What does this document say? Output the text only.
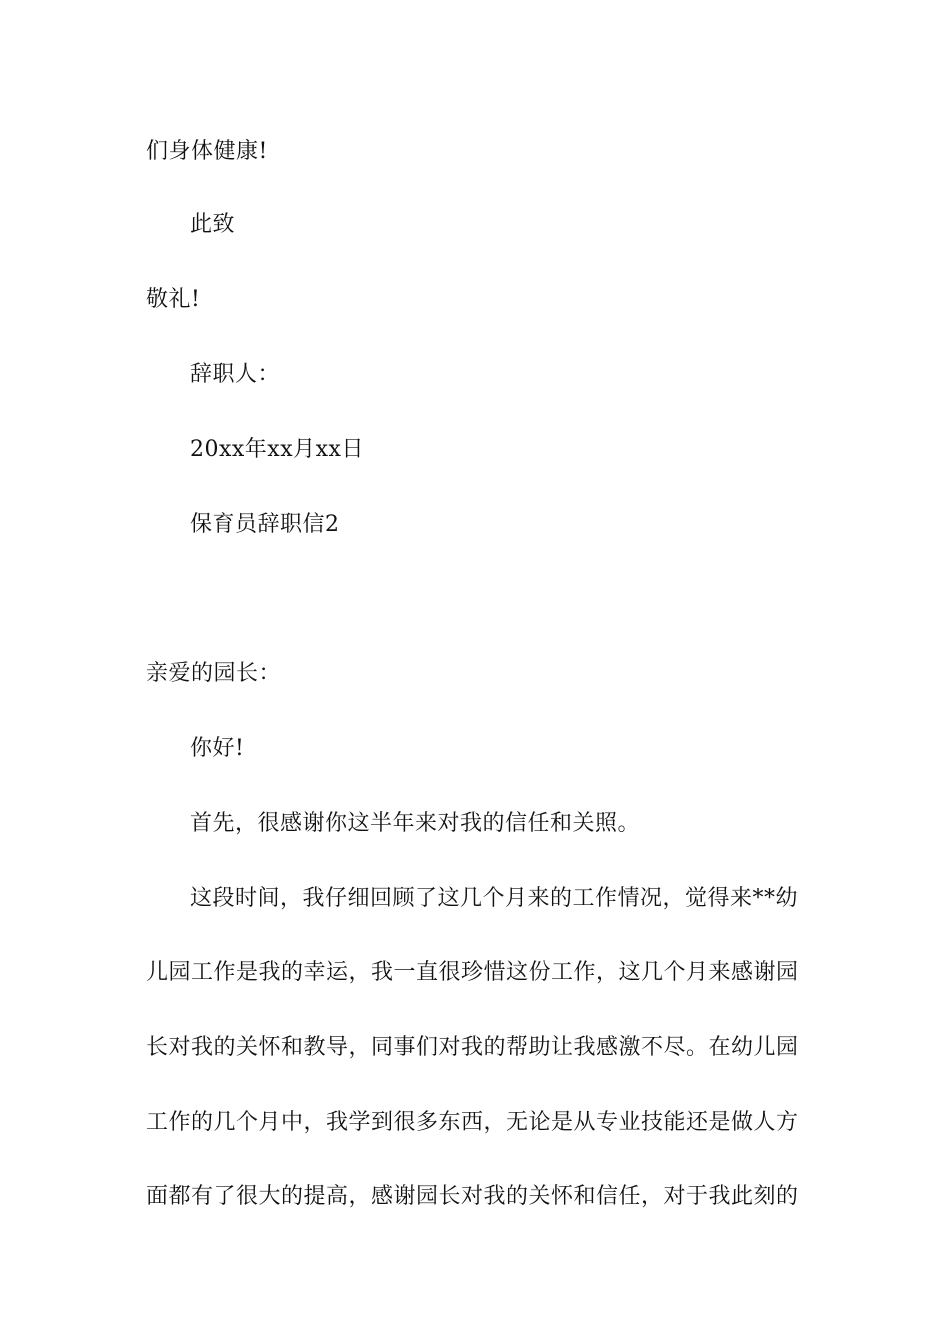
们身体健康!
此致
敬礼!
辞职人：
20xx年xx月xx日
保育员辞职信2
亲爱的园长：
你好!
首先，很感谢你这半年来对我的信任和关照。
这段时间，我仔细回顾了这几个月来的工作情况，觉得来**幼
儿园工作是我的幸运，我一直很珍惜这份工作，这几个月来感谢园
长对我的关怀和教导，同事们对我的帮助让我感激不尽。在幼儿园
工作的几个月中，我学到很多东西，无论是从专业技能还是做人方
面都有了很大的提高，感谢园长对我的关怀和信任，对于我此刻的
